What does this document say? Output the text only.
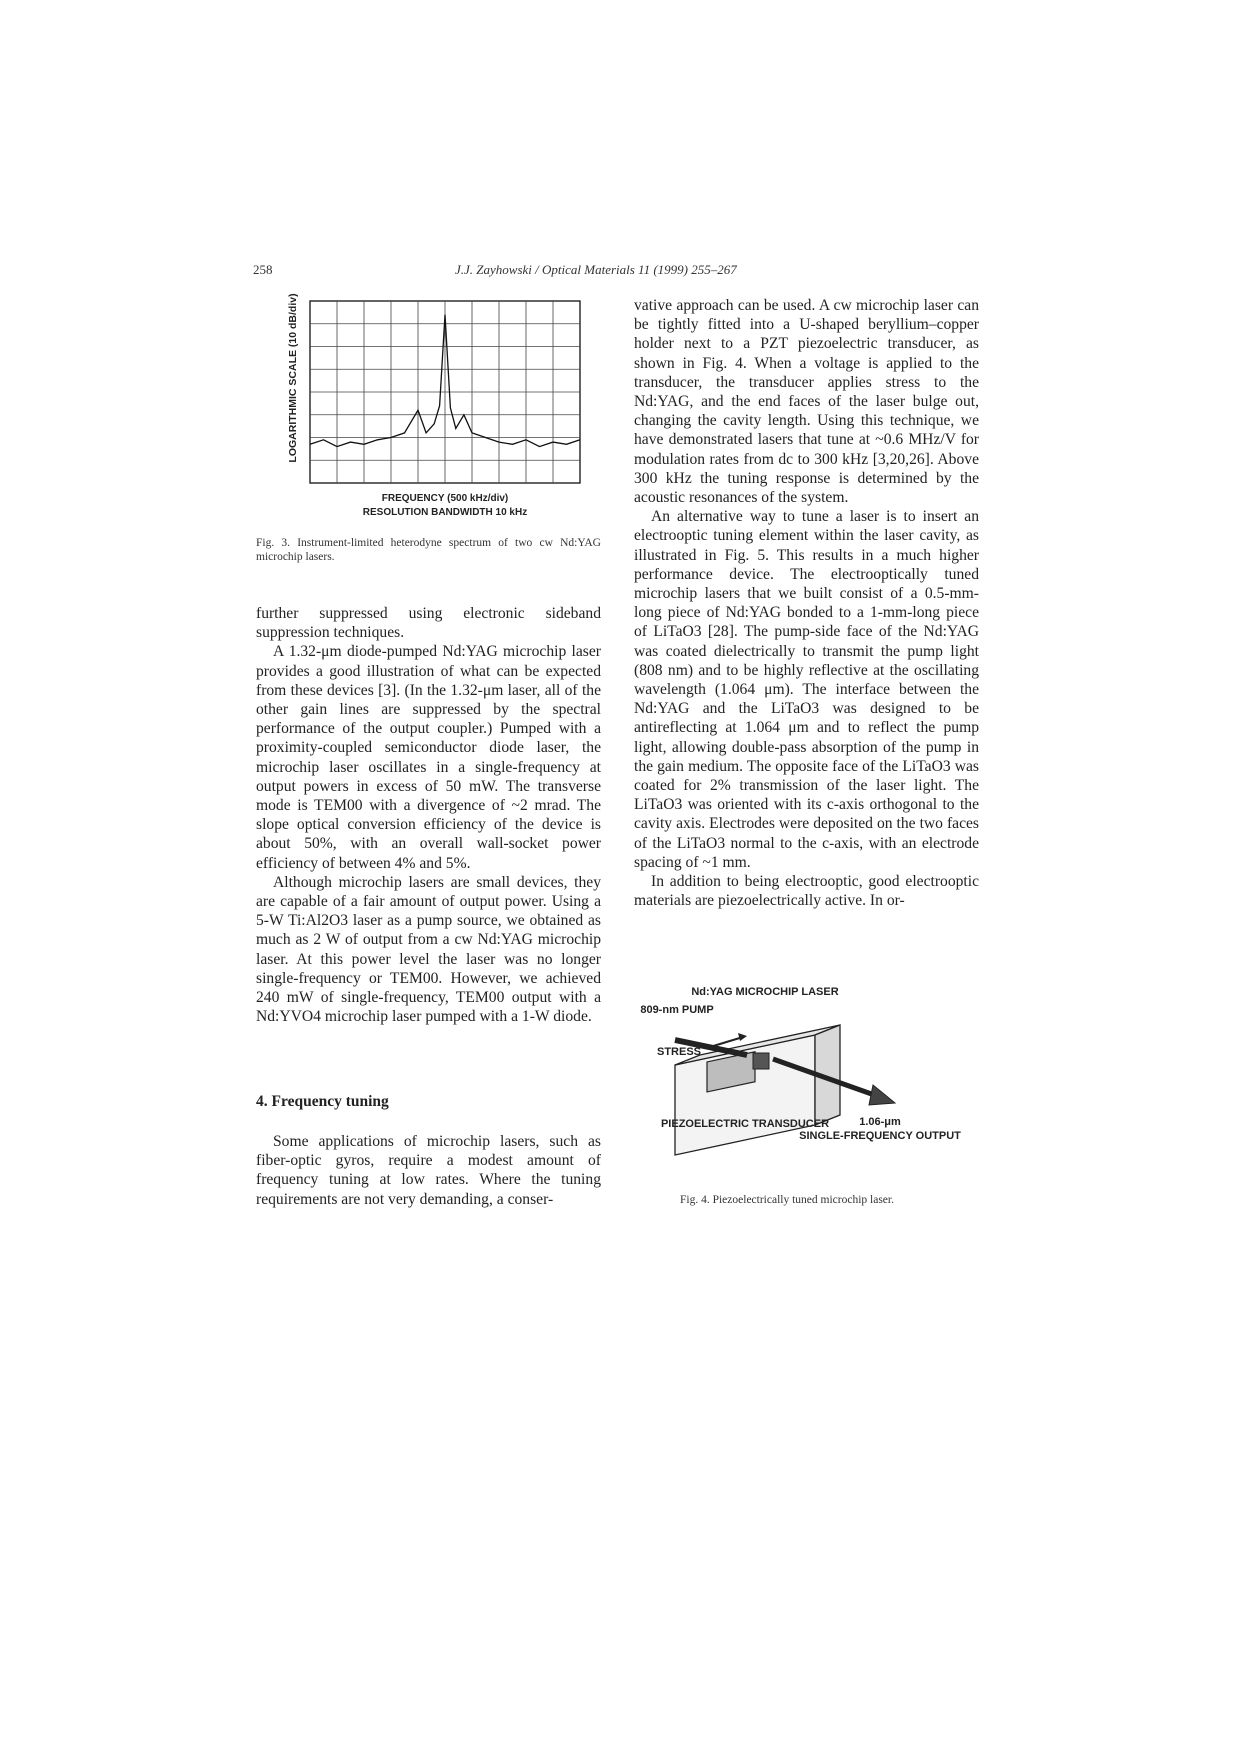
258	J.J. Zayhowski / Optical Materials 11 (1999) 255–267
LOGARITHMIC SCALE (10 dB/div)
FREQUENCY (500 kHz/div)
RESOLUTION BANDWIDTH 10 kHz
Fig. 3. Instrument-limited heterodyne spectrum of two cw Nd:YAG microchip lasers.

further suppressed using electronic sideband suppression techniques.

A 1.32-μm diode-pumped Nd:YAG microchip laser provides a good illustration of what can be expected from these devices [3]. (In the 1.32-μm laser, all of the other gain lines are suppressed by the spectral performance of the output coupler.) Pumped with a proximity-coupled semiconductor diode laser, the microchip laser oscillates in a single-frequency at output powers in excess of 50 mW. The transverse mode is TEM00 with a divergence of ~2 mrad. The slope optical conversion efficiency of the device is about 50%, with an overall wall-socket power efficiency of between 4% and 5%.

Although microchip lasers are small devices, they are capable of a fair amount of output power. Using a 5-W Ti:Al2O3 laser as a pump source, we obtained as much as 2 W of output from a cw Nd:YAG microchip laser. At this power level the laser was no longer single-frequency or TEM00. However, we achieved 240 mW of single-frequency, TEM00 output with a Nd:YVO4 microchip laser pumped with a 1-W diode.

4. Frequency tuning

Some applications of microchip lasers, such as fiber-optic gyros, require a modest amount of frequency tuning at low rates. Where the tuning requirements are not very demanding, a conser-

vative approach can be used. A cw microchip laser can be tightly fitted into a U-shaped beryllium–copper holder next to a PZT piezoelectric transducer, as shown in Fig. 4. When a voltage is applied to the transducer, the transducer applies stress to the Nd:YAG, and the end faces of the laser bulge out, changing the cavity length. Using this technique, we have demonstrated lasers that tune at ~0.6 MHz/V for modulation rates from dc to 300 kHz [3,20,26]. Above 300 kHz the tuning response is determined by the acoustic resonances of the system.

An alternative way to tune a laser is to insert an electrooptic tuning element within the laser cavity, as illustrated in Fig. 5. This results in a much higher performance device. The electrooptically tuned microchip lasers that we built consist of a 0.5-mm-long piece of Nd:YAG bonded to a 1-mm-long piece of LiTaO3 [28]. The pump-side face of the Nd:YAG was coated dielectrically to transmit the pump light (808 nm) and to be highly reflective at the oscillating wavelength (1.064 μm). The interface between the Nd:YAG and the LiTaO3 was designed to be antireflecting at 1.064 μm and to reflect the pump light, allowing double-pass absorption of the pump in the gain medium. The opposite face of the LiTaO3 was coated for 2% transmission of the laser light. The LiTaO3 was oriented with its c-axis orthogonal to the cavity axis. Electrodes were deposited on the two faces of the LiTaO3 normal to the c-axis, with an electrode spacing of ~1 mm.

In addition to being electrooptic, good electrooptic materials are piezoelectrically active. In or-

Nd:YAG MICROCHIP LASER
809-nm PUMP
STRESS
PIEZOELECTRIC TRANSDUCER	1.06-μm
SINGLE-FREQUENCY OUTPUT
Fig. 4. Piezoelectrically tuned microchip laser.
